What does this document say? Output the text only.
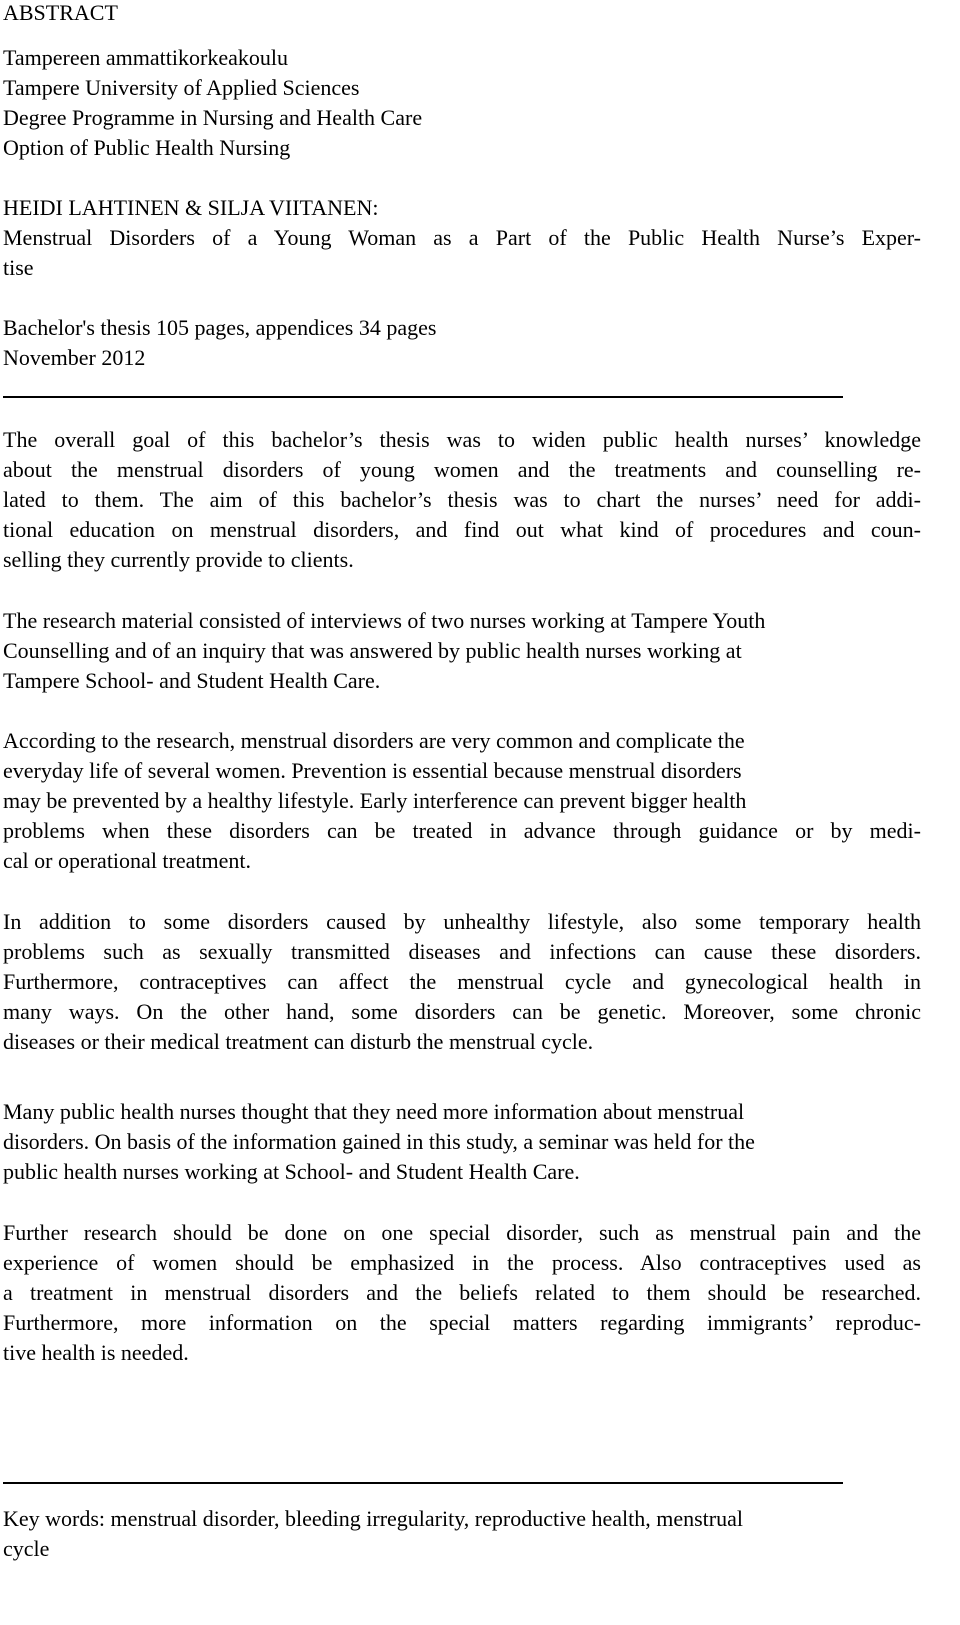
ABSTRACT
Tampereen ammattikorkeakoulu
Tampere University of Applied Sciences
Degree Programme in Nursing and Health Care
Option of Public Health Nursing
HEIDI LAHTINEN & SILJA VIITANEN:
Menstrual Disorders of a Young Woman as a Part of the Public Health Nurse’s Exper-
tise
Bachelor's thesis 105 pages, appendices 34 pages
November 2012
The overall goal of this bachelor’s thesis was to widen public health nurses’ knowledge
about the menstrual disorders of young women and the treatments and counselling re-
lated to them. The aim of this bachelor’s thesis was to chart the nurses’ need for addi-
tional education on menstrual disorders, and find out what kind of procedures and coun-
selling they currently provide to clients.
The research material consisted of interviews of two nurses working at Tampere Youth
Counselling and of an inquiry that was answered by public health nurses working at
Tampere School- and Student Health Care.
According to the research, menstrual disorders are very common and complicate the
everyday life of several women. Prevention is essential because menstrual disorders
may be prevented by a healthy lifestyle. Early interference can prevent bigger health
problems when these disorders can be treated in advance through guidance or by medi-
cal or operational treatment.
In addition to some disorders caused by unhealthy lifestyle, also some temporary health
problems such as sexually transmitted diseases and infections can cause these disorders.
Furthermore, contraceptives can affect the menstrual cycle and gynecological health in
many ways. On the other hand, some disorders can be genetic. Moreover, some chronic
diseases or their medical treatment can disturb the menstrual cycle.
Many public health nurses thought that they need more information about menstrual
disorders. On basis of the information gained in this study, a seminar was held for the
public health nurses working at School- and Student Health Care.
Further research should be done on one special disorder, such as menstrual pain and the
experience of women should be emphasized in the process. Also contraceptives used as
a treatment in menstrual disorders and the beliefs related to them should be researched.
Furthermore, more information on the special matters regarding immigrants’ reproduc-
tive health is needed.
Key words: menstrual disorder, bleeding irregularity, reproductive health, menstrual
cycle
